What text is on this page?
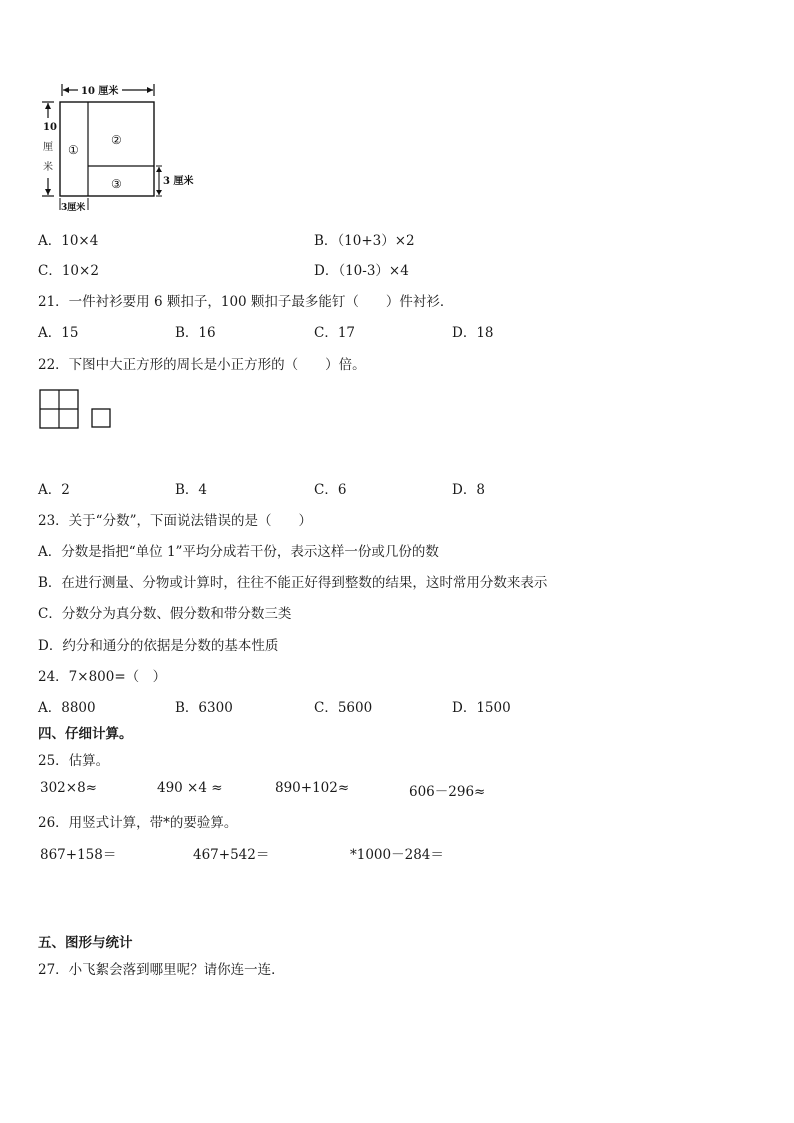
10 厘米
10
厘
米
①
②
③	3 厘米
3厘米
A．10×4	B．（10+3）×2
C．10×2	D．（10-3）×4
21．一件衬衫要用 6 颗扣子，100 颗扣子最多能钉（　　）件衬衫．
A．15	B．16	C．17	D．18
22．下图中大正方形的周长是小正方形的（　　）倍。
A．2	B．4	C．6	D．8
23．关于“分数”，下面说法错误的是（　　）
A．分数是指把“单位 1”平均分成若干份，表示这样一份或几份的数
B．在进行测量、分物或计算时，往往不能正好得到整数的结果，这时常用分数来表示
C．分数分为真分数、假分数和带分数三类
D．约分和通分的依据是分数的基本性质
24．7×800=（　）
A．8800	B．6300	C．5600	D．1500
四、仔细计算。
25．估算。
302×8≈	490 ×4 ≈	890+102≈	606－296≈
26．用竖式计算，带*的要验算。
867+158＝	467+542＝	*1000－284＝
五、图形与统计
27．小飞絮会落到哪里呢？请你连一连．
